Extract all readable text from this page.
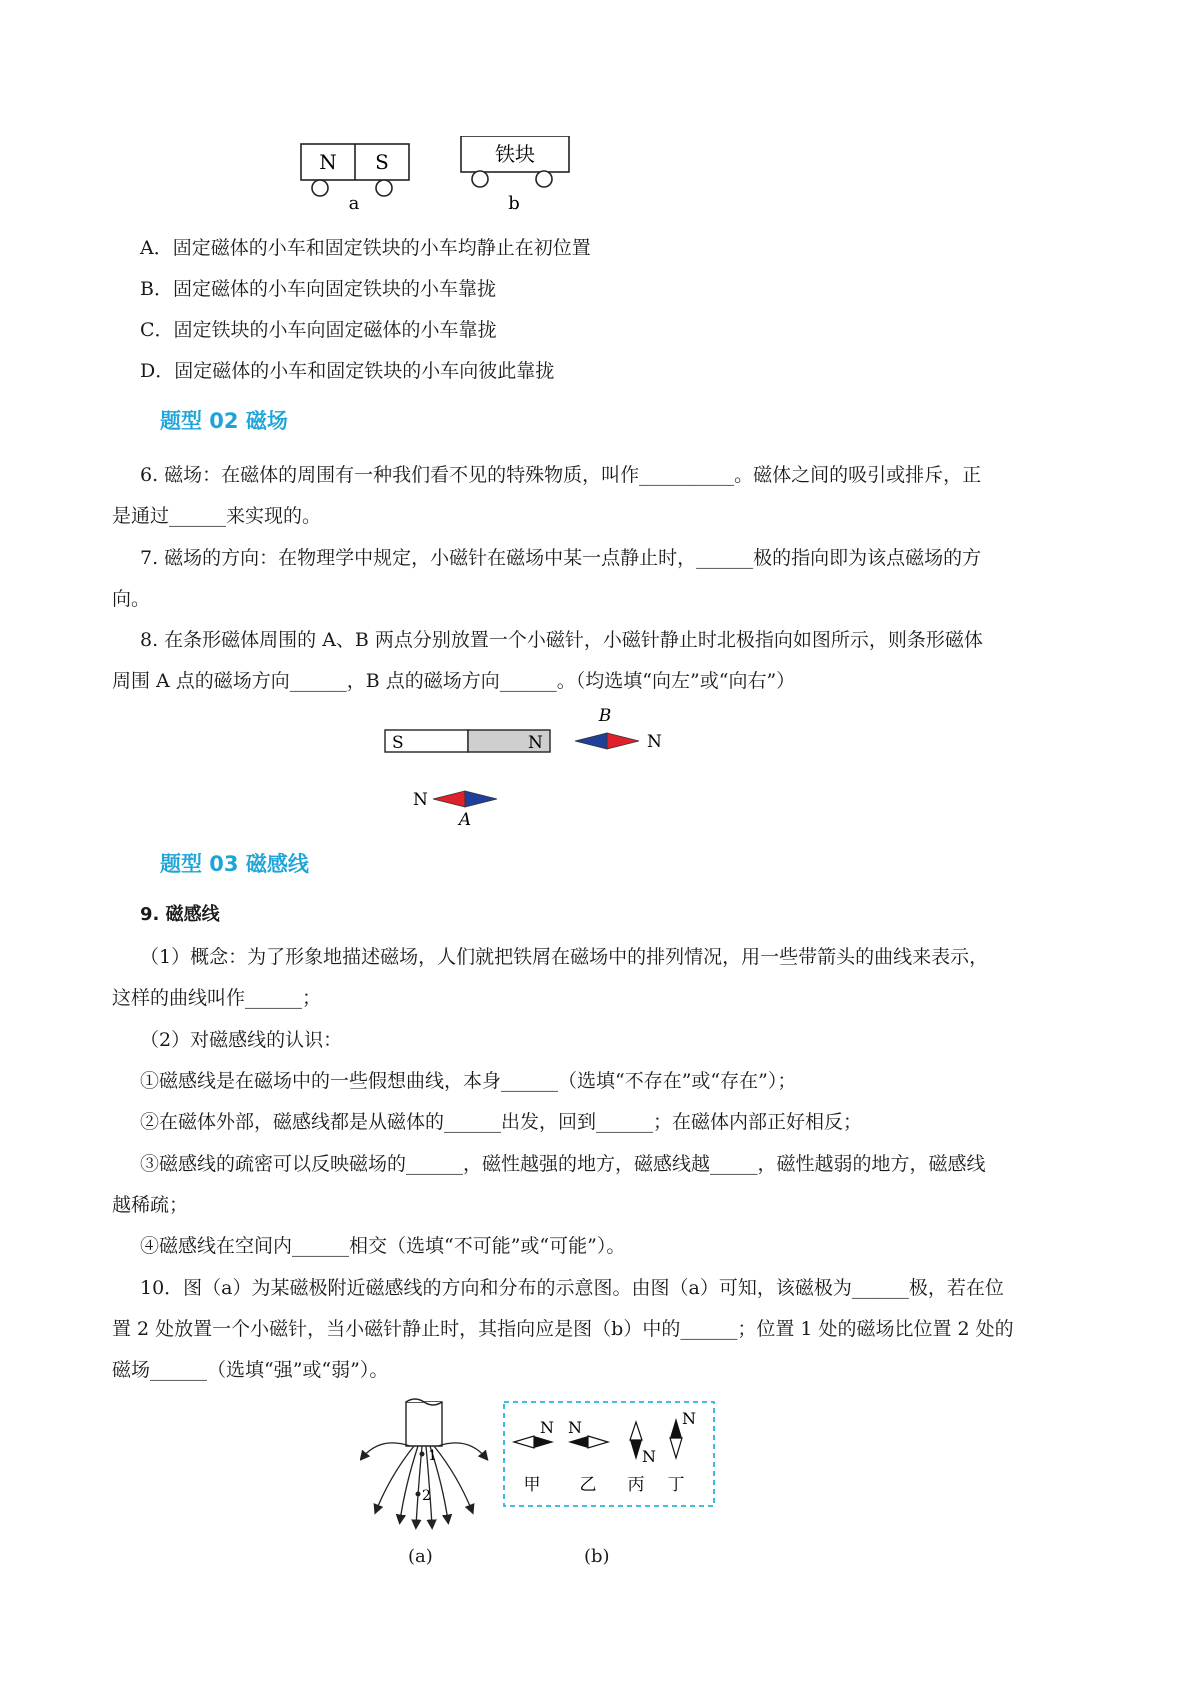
N S
a
铁块
b
A．固定磁体的小车和固定铁块的小车均静止在初位置
B．固定磁体的小车向固定铁块的小车靠拢
C．固定铁块的小车向固定磁体的小车靠拢
D．固定磁体的小车和固定铁块的小车向彼此靠拢
题型 02 磁场
6. 磁场：在磁体的周围有一种我们看不见的特殊物质，叫作__________。磁体之间的吸引或排斥，正
是通过______来实现的。
7. 磁场的方向：在物理学中规定，小磁针在磁场中某一点静止时，______极的指向即为该点磁场的方
向。
8. 在条形磁体周围的 A、B 两点分别放置一个小磁针，小磁针静止时北极指向如图所示，则条形磁体
周围 A 点的磁场方向______，B 点的磁场方向______。（均选填“向左”或“向右”）
S	N
B
N
N
A
题型 03 磁感线
9. 磁感线
（1）概念：为了形象地描述磁场，人们就把铁屑在磁场中的排列情况，用一些带箭头的曲线来表示，
这样的曲线叫作______；
（2）对磁感线的认识：
①磁感线是在磁场中的一些假想曲线，本身______（选填“不存在”或“存在”）；
②在磁体外部，磁感线都是从磁体的______出发，回到______；在磁体内部正好相反；
③磁感线的疏密可以反映磁场的______，磁性越强的地方，磁感线越_____，磁性越弱的地方，磁感线
越稀疏；
④磁感线在空间内______相交（选填“不可能”或“可能”）。
10．图（a）为某磁极附近磁感线的方向和分布的示意图。由图（a）可知，该磁极为______极，若在位
置 2 处放置一个小磁针，当小磁针静止时，其指向应是图（b）中的______；位置 1 处的磁场比位置 2 处的
磁场______（选填“强”或“弱”）。
1
2
(a)
N N
N
N
甲 乙 丙 丁
(b)
